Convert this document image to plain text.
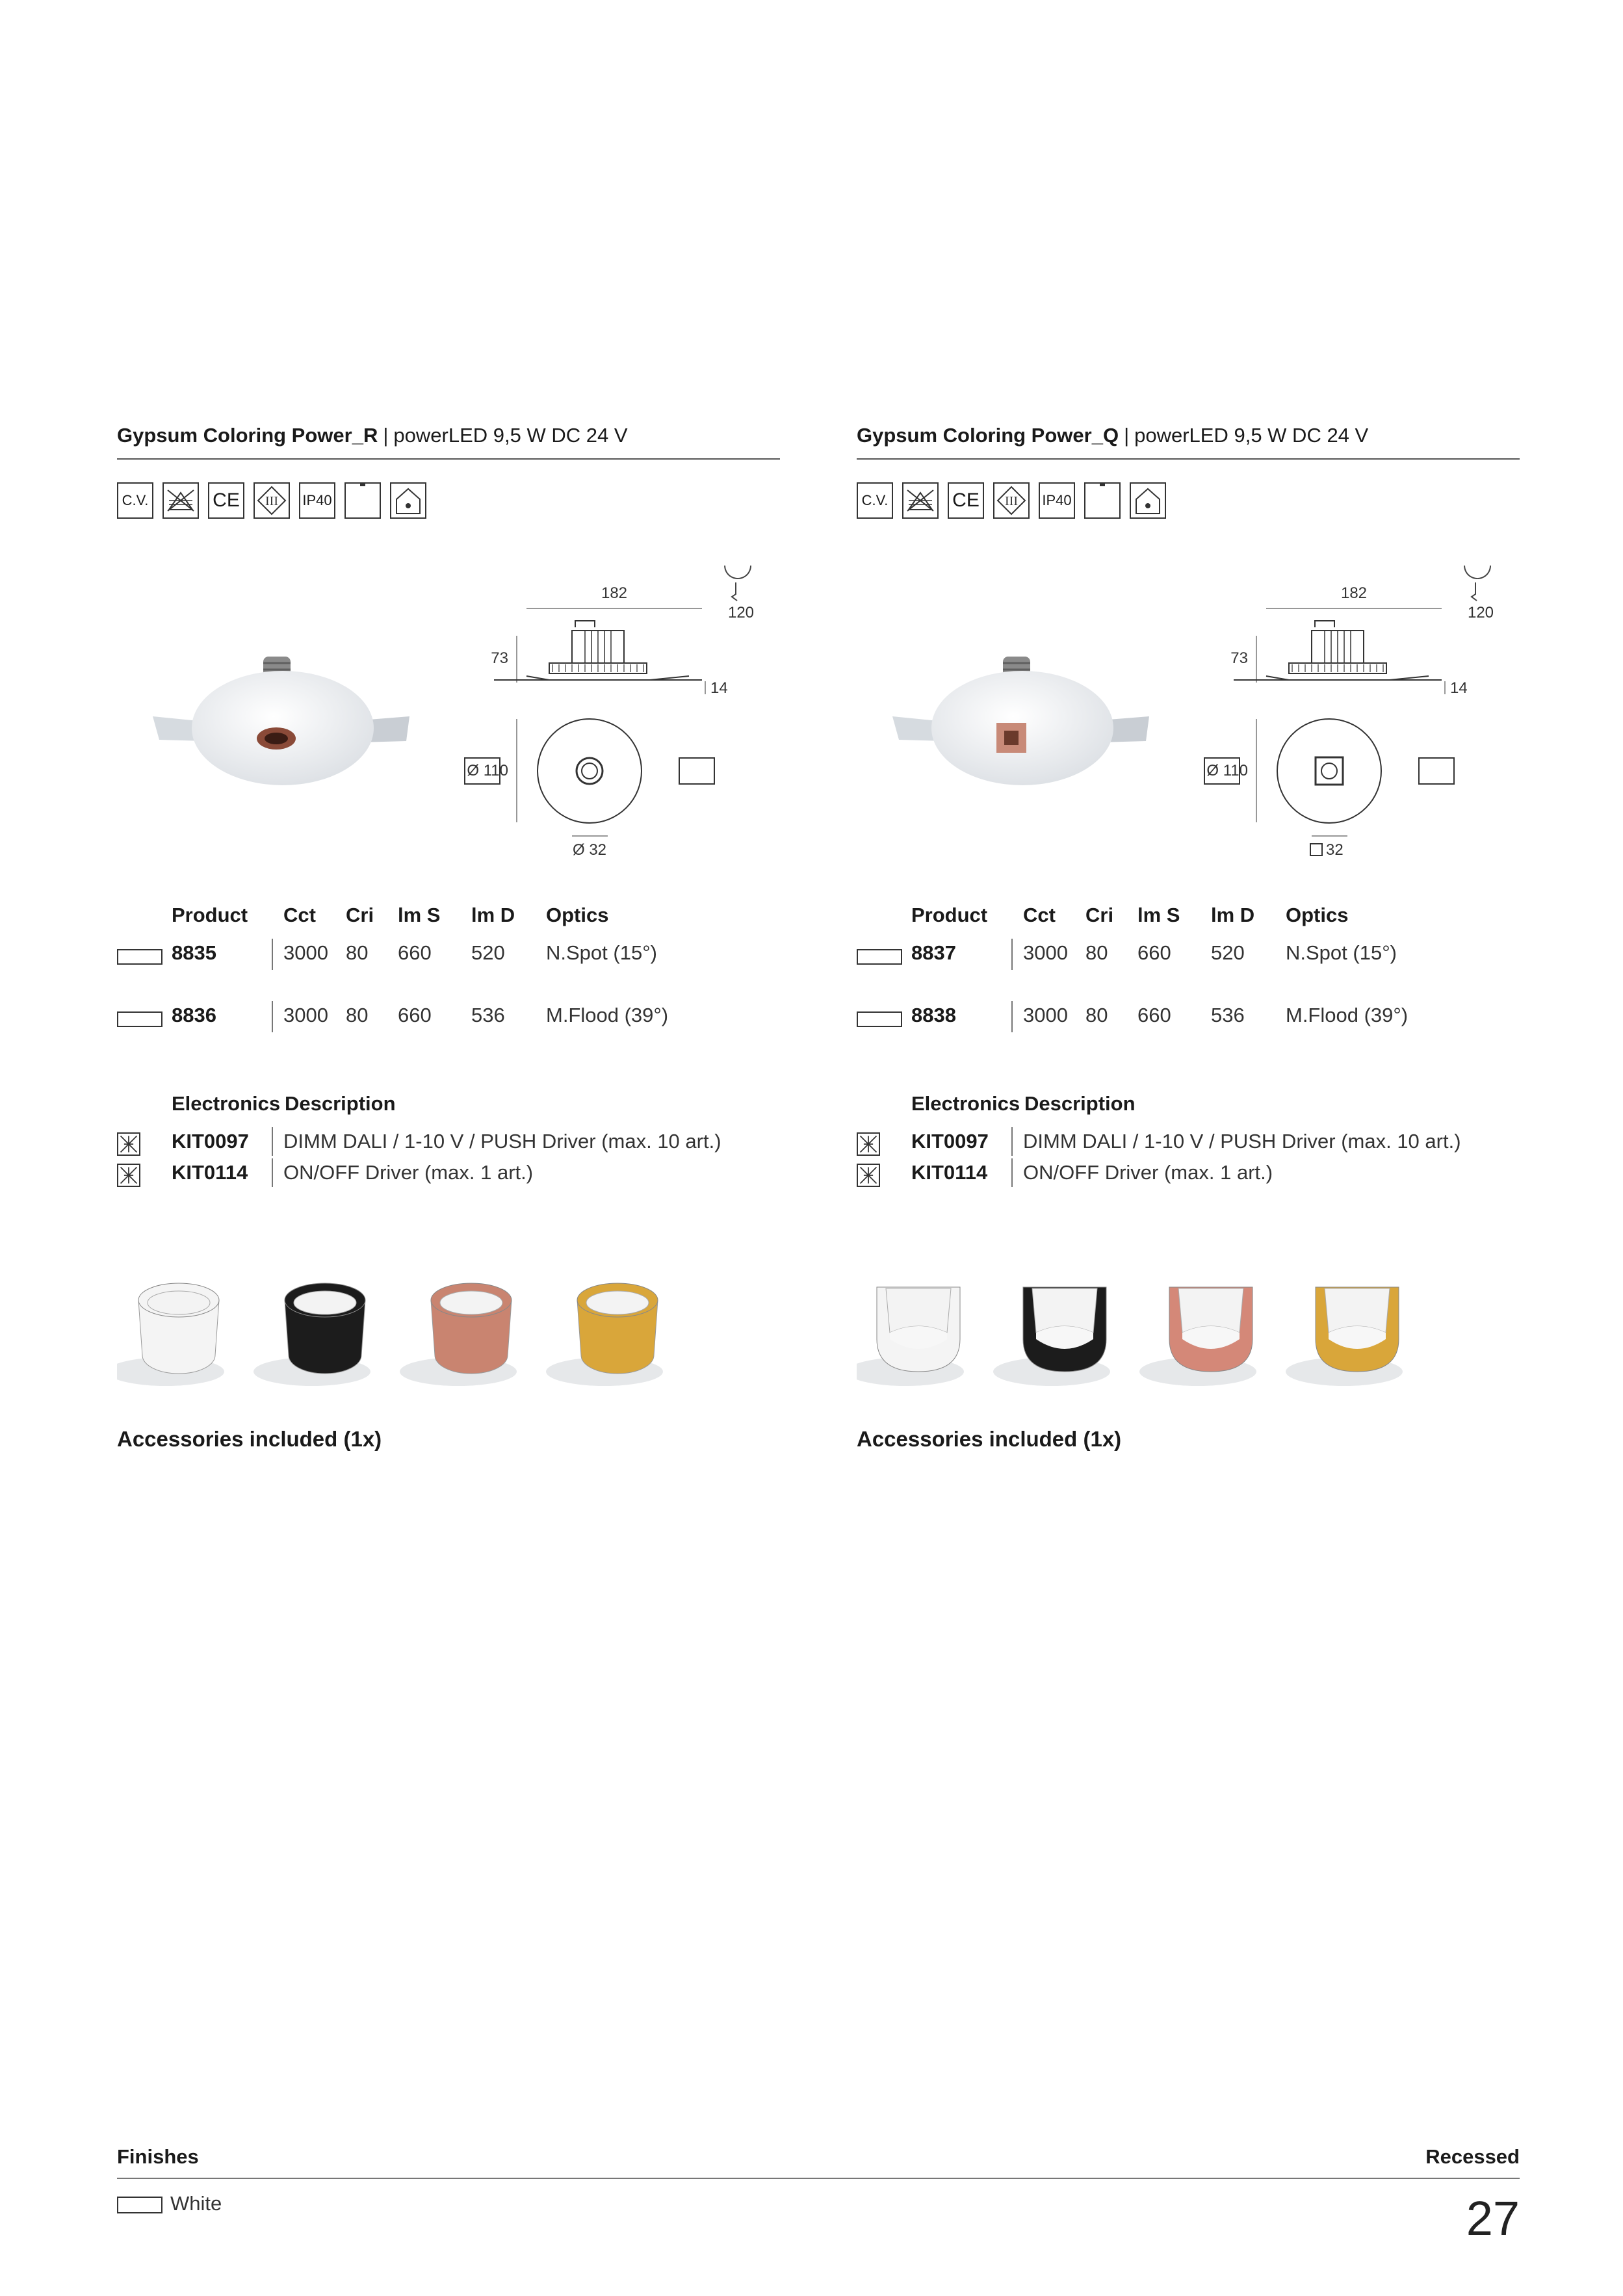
Gypsum Coloring Power_R | powerLED 9,5 W DC 24 V
C.V.	CE III IP40
182
73
14
120
Ø 110
Ø 32
Product Cct Cri lm S lm D Optics
8835	3000 80 660 520 N.Spot (15°)
8836	3000 80 660 536 M.Flood (39°)
Electronics Description
KIT0097 DIMM DALI / 1-10 V / PUSH Driver (max. 10 art.)
KIT0114 ON/OFF Driver (max. 1 art.)
Accessories included (1x)
Gypsum Coloring Power_Q | powerLED 9,5 W DC 24 V
C.V.	CE III IP40
182
73
14
120
Ø 110
32
Product Cct Cri lm S lm D Optics
8837	3000 80 660 520 N.Spot (15°)
8838	3000 80 660 536 M.Flood (39°)
Electronics Description
KIT0097 DIMM DALI / 1-10 V / PUSH Driver (max. 10 art.)
KIT0114 ON/OFF Driver (max. 1 art.)
Accessories included (1x)
Finishes
White
Recessed
27
